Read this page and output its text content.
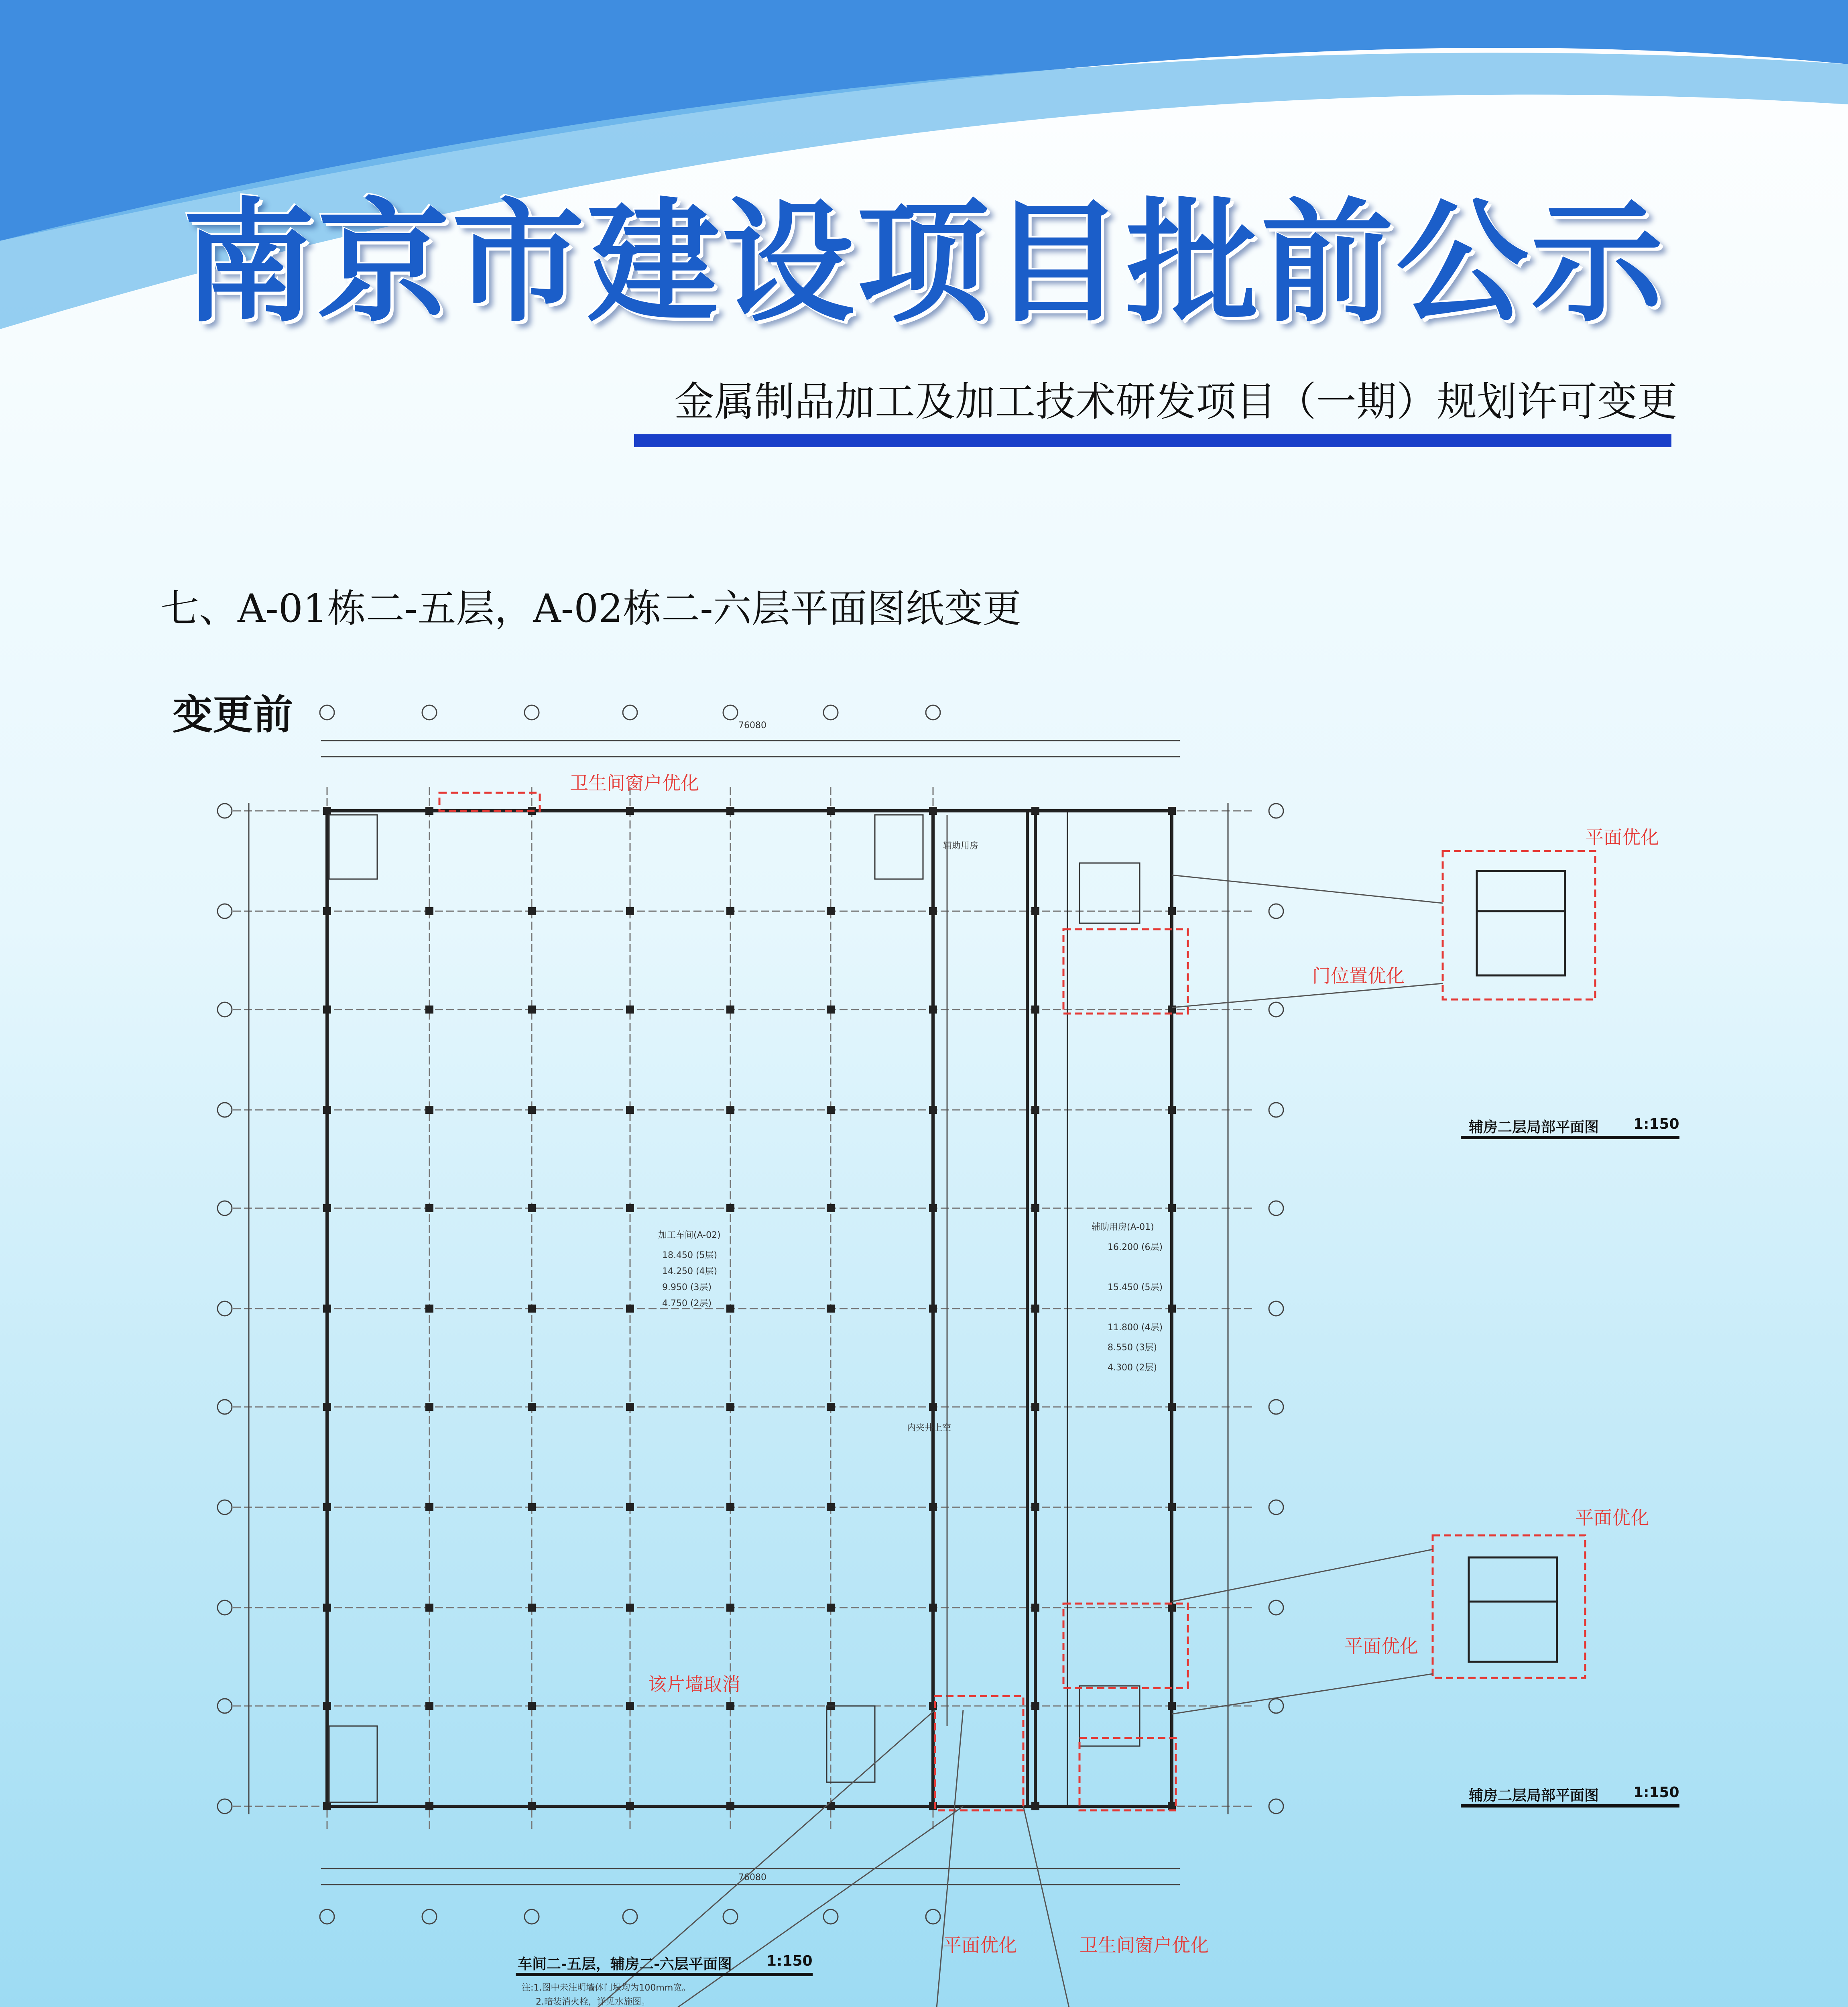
南京市建设项目批前公示
金属制品加工及加工技术研发项目（一期）规划许可变更
七、A-01栋二-五层，A-02栋二-六层平面图纸变更
变更前
卫生间窗户优化
门位置优化
平面优化
平面优化
平面优化
该片墙取消
平面优化	卫生间窗户优化
加工车间(A-02)
18.450 (5层)
14.250 (4层)
9.950 (3层)
4.750 (2层)
辅助用房
辅助用房(A-01)
16.200 (6层)
15.450 (5层)
11.800 (4层)
8.550 (3层)
4.300 (2层)
内夹井上空
76080
76080
车间二-五层，辅房二-六层平面图 1:150
注:1.图中未注明墙体门垛均为100mm宽。
2.暗装消火栓，详见水施图。
辅房二层局部平面图 1:150
辅房二层局部平面图 1:150
